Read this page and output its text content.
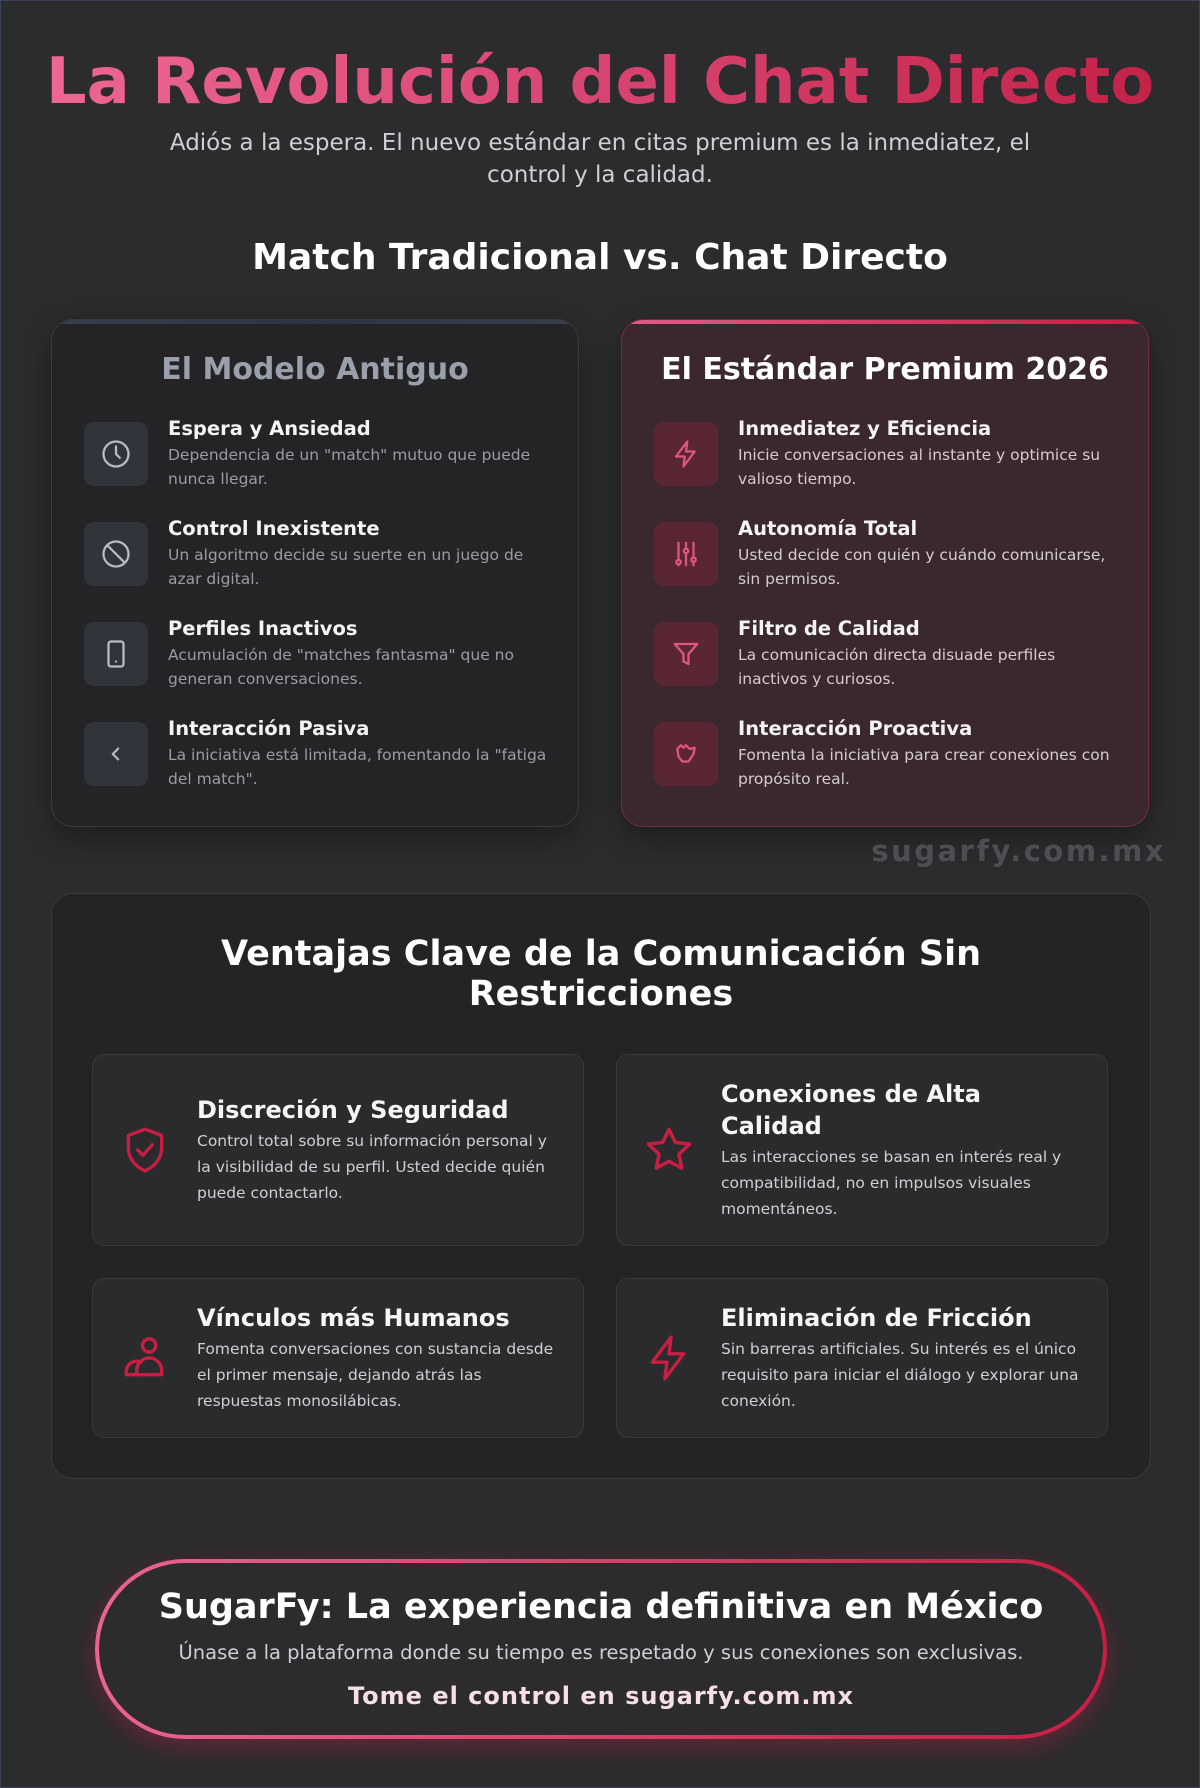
La Revolución del Chat Directo

Adiós a la espera. El nuevo estándar en citas premium es la inmediatez, el control y la calidad.

Match Tradicional vs. Chat Directo
El Modelo Antiguo
Espera y Ansiedad
Dependencia de un "match" mutuo que puede nunca llegar.
Control Inexistente
Un algoritmo decide su suerte en un juego de azar digital.
Perfiles Inactivos
Acumulación de "matches fantasma" que no generan conversaciones.
Interacción Pasiva
La iniciativa está limitada, fomentando la "fatiga del match".
El Estándar Premium 2026
Inmediatez y Eficiencia
Inicie conversaciones al instante y optimice su valioso tiempo.
Autonomía Total
Usted decide con quién y cuándo comunicarse, sin permisos.
Filtro de Calidad
La comunicación directa disuade perfiles inactivos y curiosos.
Interacción Proactiva
Fomenta la iniciativa para crear conexiones con propósito real.
sugarfy.com.mx
Ventajas Clave de la Comunicación Sin Restricciones
Discreción y Seguridad
Control total sobre su información personal y la visibilidad de su perfil. Usted decide quién puede contactarlo.
Conexiones de Alta Calidad
Las interacciones se basan en interés real y compatibilidad, no en impulsos visuales momentáneos.
Vínculos más Humanos
Fomenta conversaciones con sustancia desde el primer mensaje, dejando atrás las respuestas monosilábicas.
Eliminación de Fricción
Sin barreras artificiales. Su interés es el único requisito para iniciar el diálogo y explorar una conexión.
SugarFy: La experiencia definitiva en México
Únase a la plataforma donde su tiempo es respetado y sus conexiones son exclusivas.
Tome el control en sugarfy.com.mx
